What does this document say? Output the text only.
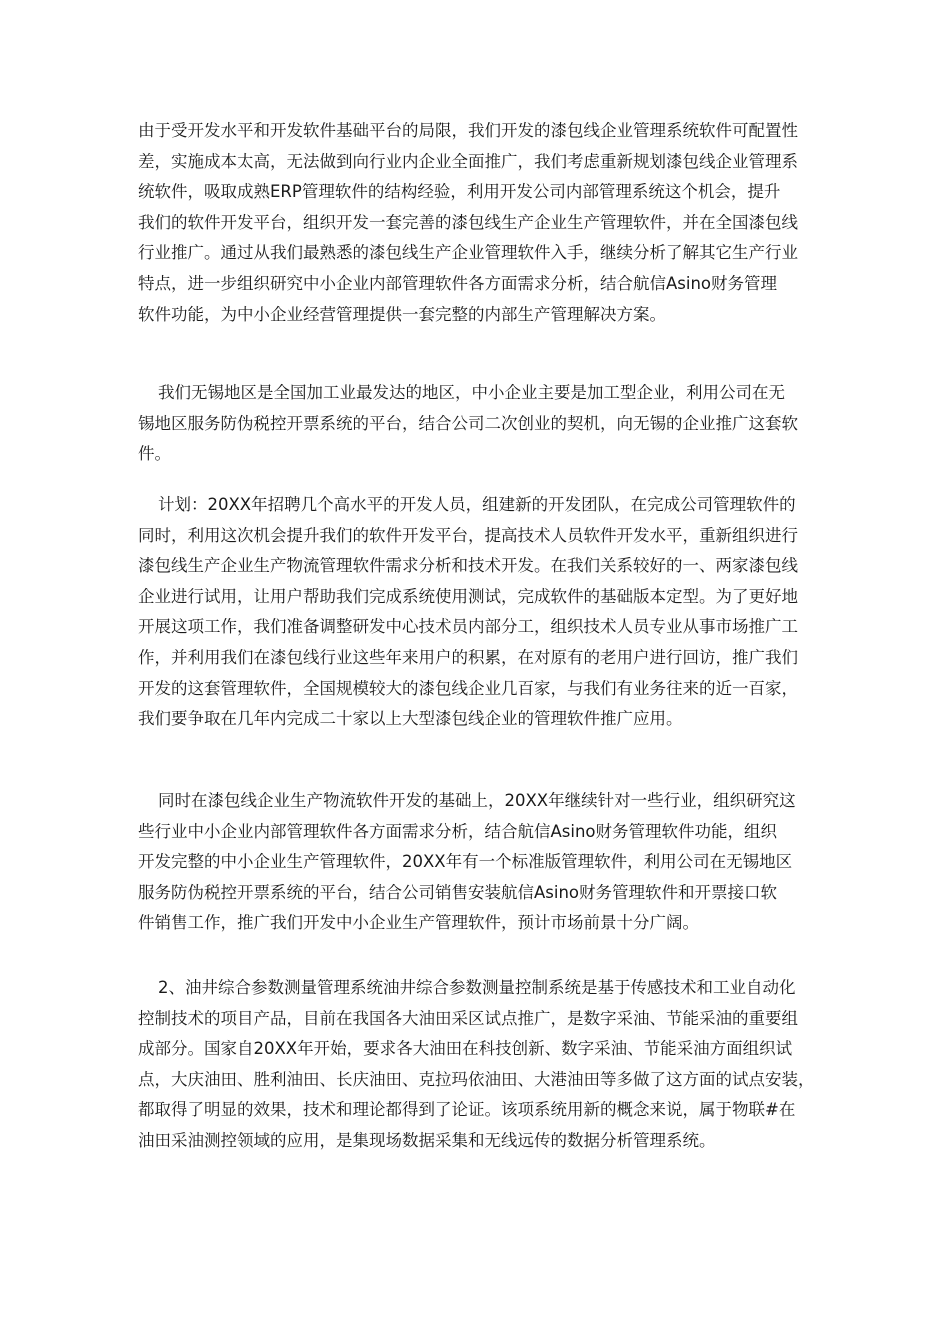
由于受开发水平和开发软件基础平台的局限，我们开发的漆包线企业管理系统软件可配置性
差，实施成本太高，无法做到向行业内企业全面推广，我们考虑重新规划漆包线企业管理系
统软件，吸取成熟ERP管理软件的结构经验，利用开发公司内部管理系统这个机会，提升
我们的软件开发平台，组织开发一套完善的漆包线生产企业生产管理软件，并在全国漆包线
行业推广。通过从我们最熟悉的漆包线生产企业管理软件入手，继续分析了解其它生产行业
特点，进一步组织研究中小企业内部管理软件各方面需求分析，结合航信Asino财务管理
软件功能，为中小企业经营管理提供一套完整的内部生产管理解决方案。

我们无锡地区是全国加工业最发达的地区，中小企业主要是加工型企业，利用公司在无
锡地区服务防伪税控开票系统的平台，结合公司二次创业的契机，向无锡的企业推广这套软
件。

计划：20XX年招聘几个高水平的开发人员，组建新的开发团队，在完成公司管理软件的
同时，利用这次机会提升我们的软件开发平台，提高技术人员软件开发水平，重新组织进行
漆包线生产企业生产物流管理软件需求分析和技术开发。在我们关系较好的一、两家漆包线
企业进行试用，让用户帮助我们完成系统使用测试，完成软件的基础版本定型。为了更好地
开展这项工作，我们准备调整研发中心技术员内部分工，组织技术人员专业从事市场推广工
作，并利用我们在漆包线行业这些年来用户的积累，在对原有的老用户进行回访，推广我们
开发的这套管理软件，全国规模较大的漆包线企业几百家，与我们有业务往来的近一百家，
我们要争取在几年内完成二十家以上大型漆包线企业的管理软件推广应用。

同时在漆包线企业生产物流软件开发的基础上，20XX年继续针对一些行业，组织研究这
些行业中小企业内部管理软件各方面需求分析，结合航信Asino财务管理软件功能，组织
开发完整的中小企业生产管理软件，20XX年有一个标准版管理软件，利用公司在无锡地区
服务防伪税控开票系统的平台，结合公司销售安装航信Asino财务管理软件和开票接口软
件销售工作，推广我们开发中小企业生产管理软件，预计市场前景十分广阔。

2、油井综合参数测量管理系统油井综合参数测量控制系统是基于传感技术和工业自动化
控制技术的项目产品，目前在我国各大油田采区试点推广，是数字采油、节能采油的重要组
成部分。国家自20XX年开始，要求各大油田在科技创新、数字采油、节能采油方面组织试
点，大庆油田、胜利油田、长庆油田、克拉玛依油田、大港油田等多做了这方面的试点安装，
都取得了明显的效果，技术和理论都得到了论证。该项系统用新的概念来说，属于物联#在
油田采油测控领域的应用，是集现场数据采集和无线远传的数据分析管理系统。
